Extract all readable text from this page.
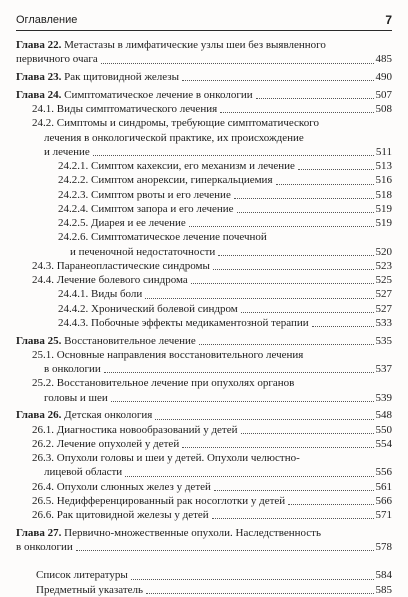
Оглавление	7
Глава 22. Метастазы в лимфатические узлы шеи без выявленного
первичного очага	485
Глава 23. Рак щитовидной железы	490
Глава 24. Симптоматическое лечение в онкологии	507
24.1. Виды симптоматического лечения	508
24.2. Симптомы и синдромы, требующие симптоматического
лечения в онкологической практике, их происхождение
и лечение	511
24.2.1. Симптом кахексии, его механизм и лечение	513
24.2.2. Симптом анорексии, гиперкальциемия	516
24.2.3. Симптом рвоты и его лечение	518
24.2.4. Симптом запора и его лечение	519
24.2.5. Диарея и ее лечение	519
24.2.6. Симптоматическое лечение почечной
и печеночной недостаточности	520
24.3. Паранеопластические синдромы	523
24.4. Лечение болевого синдрома	525
24.4.1. Виды боли	527
24.4.2. Хронический болевой синдром	527
24.4.3. Побочные эффекты медикаментозной терапии	533
Глава 25. Восстановительное лечение	535
25.1. Основные направления восстановительного лечения
в онкологии	537
25.2. Восстановительное лечение при опухолях органов
головы и шеи	539
Глава 26. Детская онкология	548
26.1. Диагностика новообразований у детей	550
26.2. Лечение опухолей у детей	554
26.3. Опухоли головы и шеи у детей. Опухоли челюстно-
лицевой области	556
26.4. Опухоли слюнных желез у детей	561
26.5. Недифференцированный рак носоглотки у детей	566
26.6. Рак щитовидной железы у детей	571
Глава 27. Первично-множественные опухоли. Наследственность
в онкологии	578
Список литературы	584
Предметный указатель	585
